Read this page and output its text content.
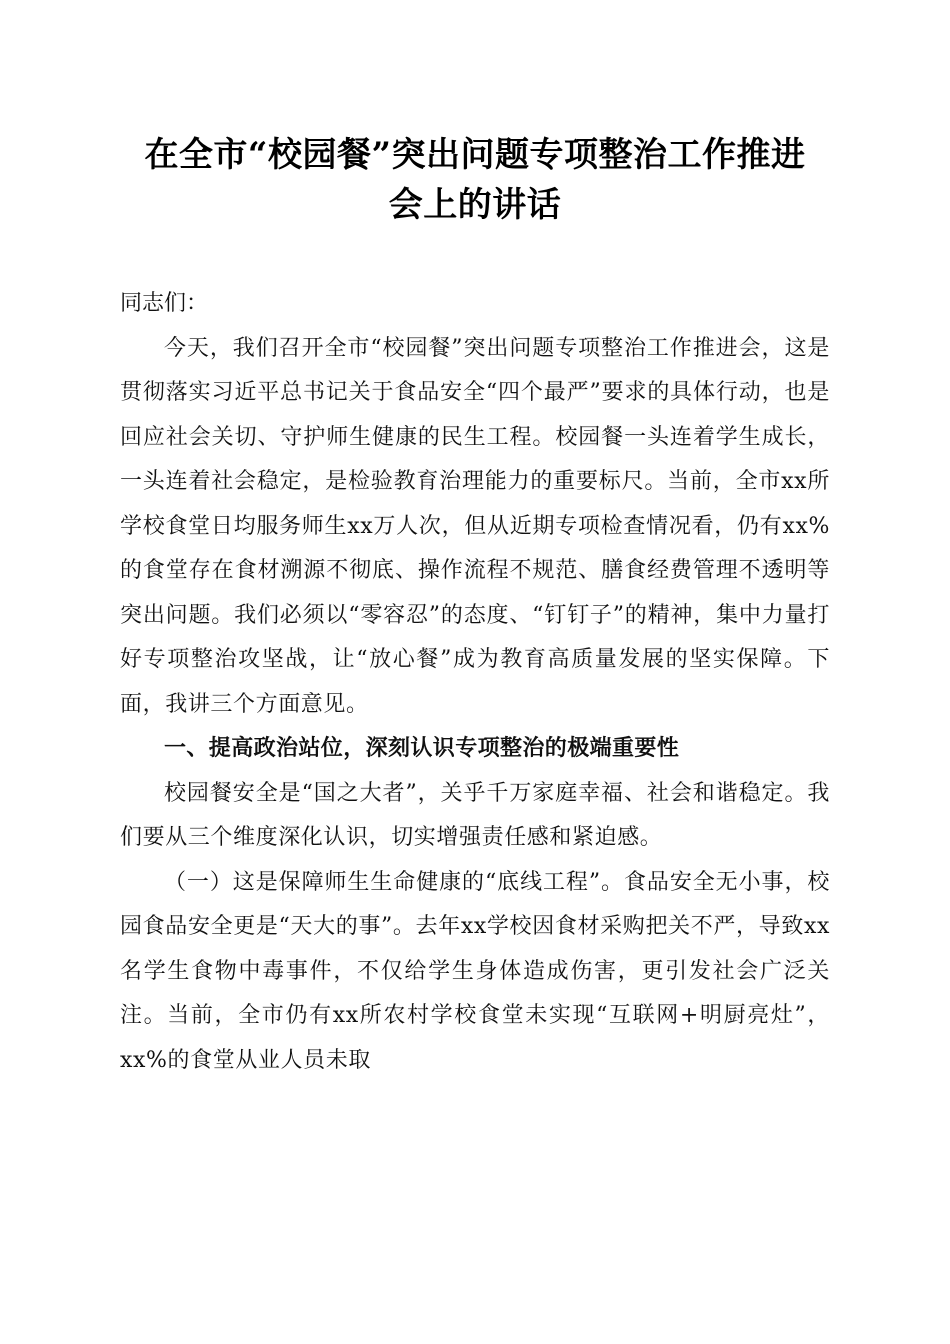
在全市“校园餐”突出问题专项整治工作推进
会上的讲话

同志们：

今天，我们召开全市“校园餐”突出问题专项整治工作推进会，这是贯彻落实习近平总书记关于食品安全“四个最严”要求的具体行动，也是回应社会关切、守护师生健康的民生工程。校园餐一头连着学生成长，一头连着社会稳定，是检验教育治理能力的重要标尺。当前，全市xx所学校食堂日均服务师生xx万人次，但从近期专项检查情况看，仍有xx%的食堂存在食材溯源不彻底、操作流程不规范、膳食经费管理不透明等突出问题。我们必须以“零容忍”的态度、“钉钉子”的精神，集中力量打好专项整治攻坚战，让“放心餐”成为教育高质量发展的坚实保障。下面，我讲三个方面意见。

一、提高政治站位，深刻认识专项整治的极端重要性

校园餐安全是“国之大者”，关乎千万家庭幸福、社会和谐稳定。我们要从三个维度深化认识，切实增强责任感和紧迫感。

（一）这是保障师生生命健康的“底线工程”。食品安全无小事，校园食品安全更是“天大的事”。去年xx学校因食材采购把关不严，导致xx名学生食物中毒事件，不仅给学生身体造成伤害，更引发社会广泛关注。当前，全市仍有xx所农村学校食堂未实现“互联网+明厨亮灶”，xx%的食堂从业人员未取
